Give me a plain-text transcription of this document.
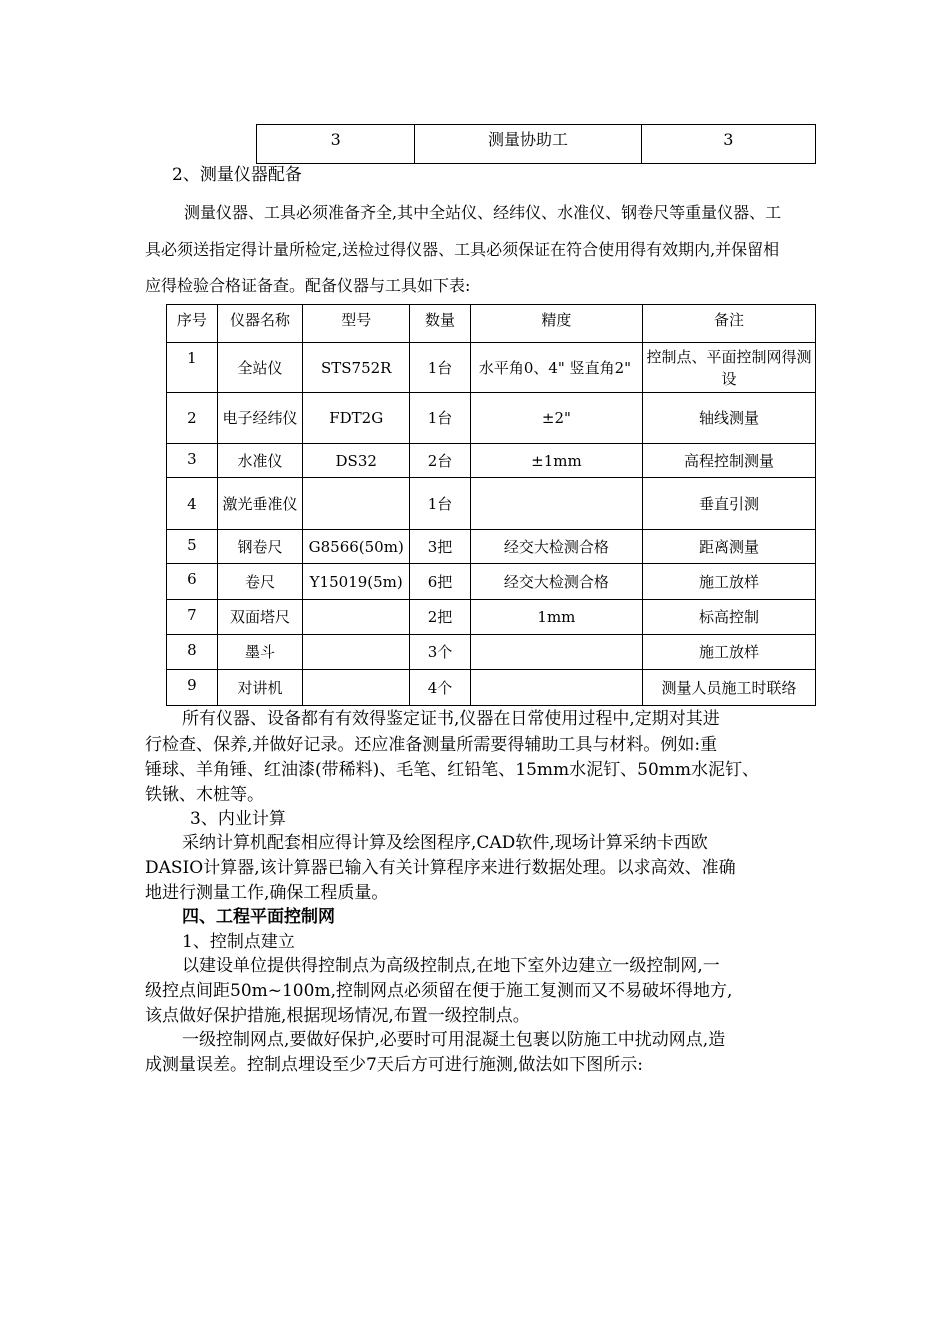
3	测量协助工	3
2、测量仪器配备
测量仪器、工具必须准备齐全,其中全站仪、经纬仪、水准仪、钢卷尺等重量仪器、工
具必须送指定得计量所检定,送检过得仪器、工具必须保证在符合使用得有效期内,并保留相
应得检验合格证备查。配备仪器与工具如下表:
序号	仪器名称	型号	数量	精度	备注
1	全站仪	STS752R	1台	水平角0、4" 竖直角2"	控制点、平面控制网得测设
2	电子经纬仪	FDT2G	1台	±2"	轴线测量
3	水准仪	DS32	2台	±1mm	高程控制测量
4	激光垂准仪		1台		垂直引测
5	钢卷尺	G8566(50m)	3把	经交大检测合格	距离测量
6	卷尺	Y15019(5m)	6把	经交大检测合格	施工放样
7	双面塔尺		2把	1mm	标高控制
8	墨斗		3个		施工放样
9	对讲机		4个		测量人员施工时联络
所有仪器、设备都有有效得鉴定证书,仪器在日常使用过程中,定期对其进
行检查、保养,并做好记录。还应准备测量所需要得辅助工具与材料。例如:重
锤球、羊角锤、红油漆(带稀料)、毛笔、红铅笔、15mm水泥钉、50mm水泥钉、
铁锹、木桩等。
3、内业计算
采纳计算机配套相应得计算及绘图程序,CAD软件,现场计算采纳卡西欧
DASIO计算器,该计算器已输入有关计算程序来进行数据处理。以求高效、准确
地进行测量工作,确保工程质量。
四、工程平面控制网
1、控制点建立
以建设单位提供得控制点为高级控制点,在地下室外边建立一级控制网,一
级控点间距50m~100m,控制网点必须留在便于施工复测而又不易破坏得地方,
该点做好保护措施,根据现场情况,布置一级控制点。
一级控制网点,要做好保护,必要时可用混凝土包裹以防施工中扰动网点,造
成测量误差。控制点埋设至少7天后方可进行施测,做法如下图所示:
